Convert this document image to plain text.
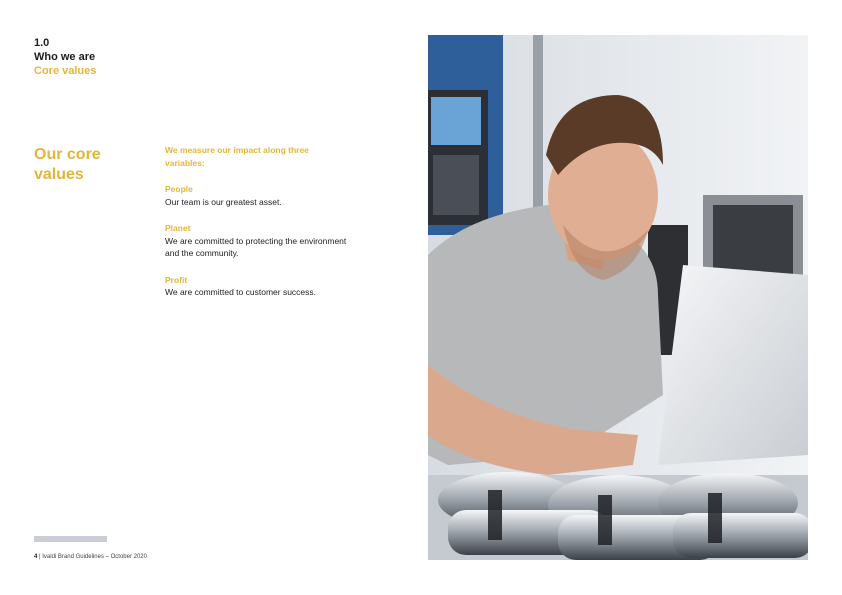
1.0
Who we are
Core values
Our core values

We measure our impact along three variables:

People
Our team is our greatest asset.
Planet
We are committed to protecting the environment and the community.
Profit
We are committed to customer success.
4 | Ivaldi Brand Guidelines – October 2020
